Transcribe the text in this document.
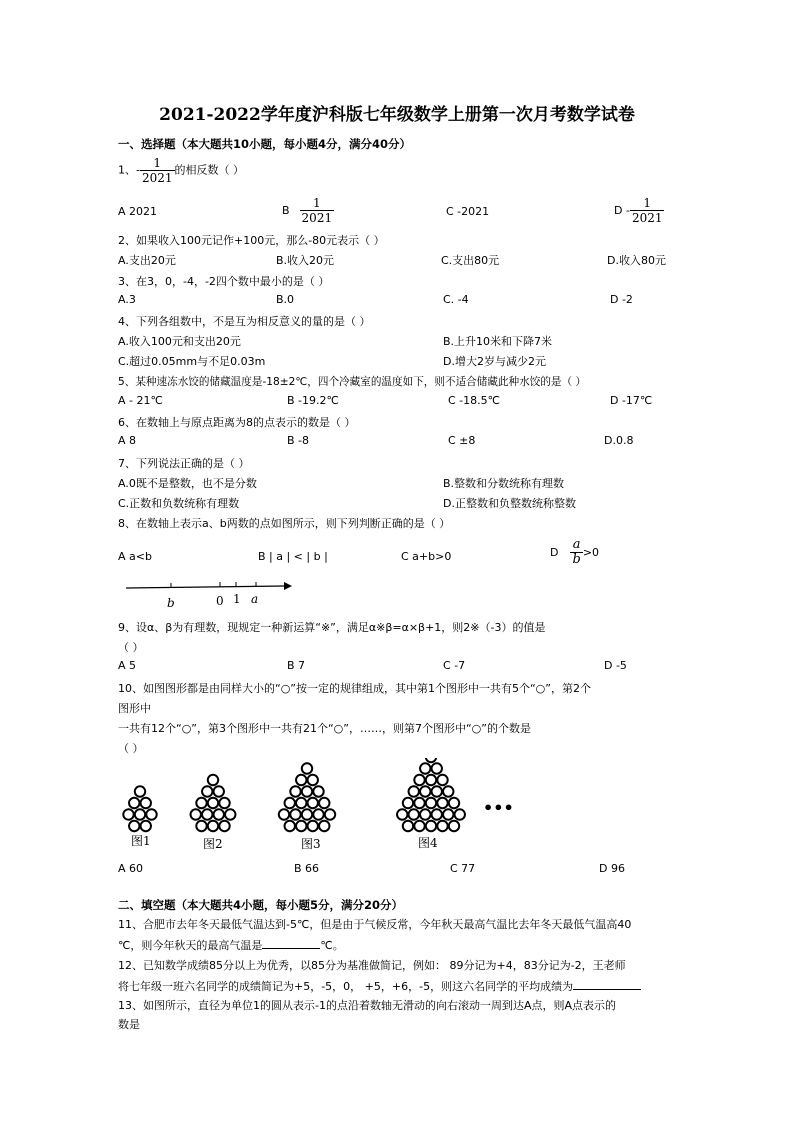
2021-2022学年度沪科版七年级数学上册第一次月考数学试卷
一、选择题（本大题共10小题，每小题4分，满分40分）
1、- $\frac{1}{2021}$ 的相反数（ ）
A 2021	B $\frac{1}{2021}$	C -2021	D - $\frac{1}{2021}$
2、如果收入100元记作+100元，那么-80元表示（ ）
A.支出20元	B.收入20元	C.支出80元	D.收入80元
3、在3，0，-4，-2四个数中最小的是（ ）
A.3	B.0	C. -4	D -2
4、下列各组数中，不是互为相反意义的量的是（ ）
A.收入100元和支出20元	B.上升10米和下降7米
C.超过0.05mm与不足0.03m	D.增大2岁与减少2元
5、某种速冻水饺的储藏温度是-18±2℃，四个冷藏室的温度如下，则不适合储藏此种水饺的是（ ）
A - 21℃	B -19.2℃	C -18.5℃	D -17℃
6、在数轴上与原点距离为8的点表示的数是（ ）
A 8	B -8	C ±8	D.0.8
7、下列说法正确的是（ ）
A.0既不是整数，也不是分数	B.整数和分数统称有理数
C.正数和负数统称有理数	D.正整数和负整数统称整数
8、在数轴上表示a、b两数的点如图所示，则下列判断正确的是（ ）
A a<b	B | a | < | b |	C a+b>0	D $\frac{a}{b} >0$
b	0 1 a
9、设α、β为有理数，现规定一种新运算“※”，满足α※β=α×β+1，则2※（-3）的值是
（ ）
A 5	B 7	C -7	D -5
10、如图图形都是由同样大小的“○”按一定的规律组成，其中第1个图形中一共有5个“○”，第2个
图形中
一共有12个“○”，第3个图形中一共有21个“○”，……，则第7个图形中“○”的个数是
（ ）
图1	图2	图3	图4
•••
A 60	B 66	C 77	D 96
二、填空题（本大题共4小题，每小题5分，满分20分）
11、合肥市去年冬天最低气温达到-5℃，但是由于气候反常，今年秋天最高气温比去年冬天最低气温高40
℃，则今年秋天的最高气温是	℃。
12、已知数学成绩85分以上为优秀，以85分为基准做简记，例如： 89分记为+4，83分记为-2，王老师
将七年级一班六名同学的成绩简记为+5，-5，0， +5，+6，-5，则这六名同学的平均成绩为
13、如图所示，直径为单位1的圆从表示-1的点沿着数轴无滑动的向右滚动一周到达A点，则A点表示的
数是
